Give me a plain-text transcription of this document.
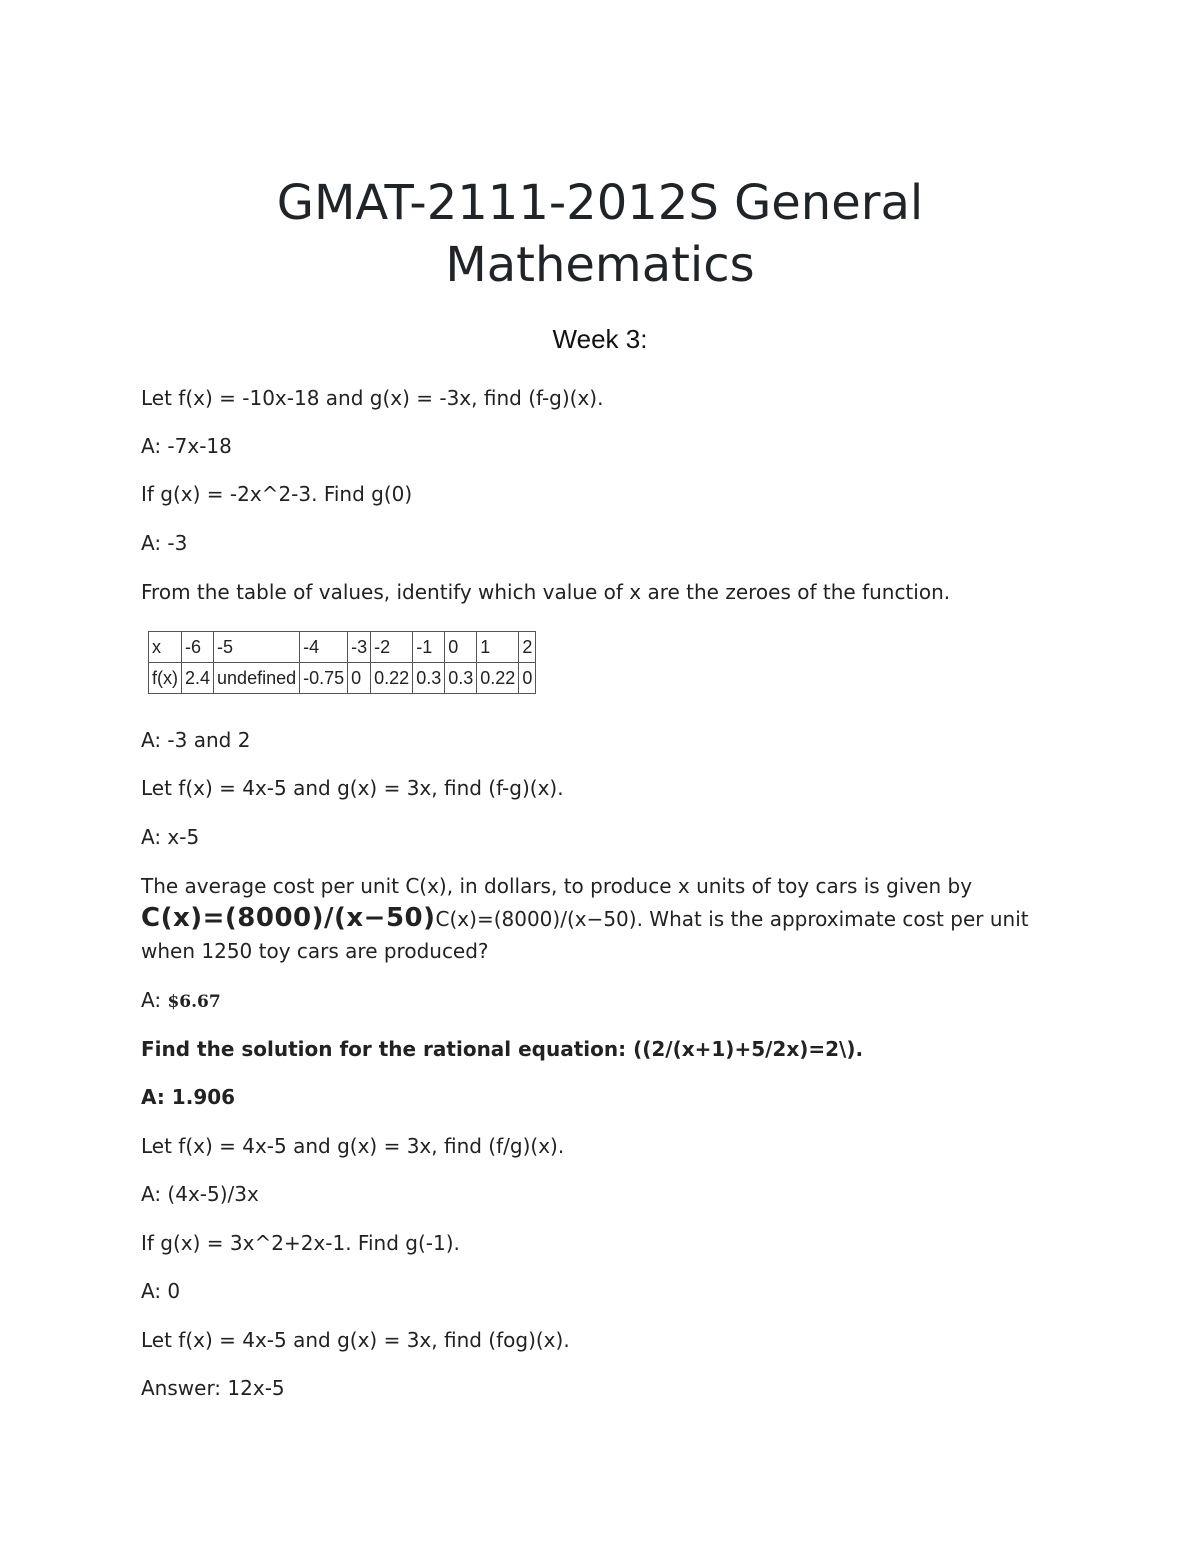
GMAT-2111-2012S General
Mathematics
Week 3:
Let f(x) = -10x-18 and g(x) = -3x, find (f-g)(x).
A: -7x-18
If g(x) = -2x^2-3. Find g(0)
A: -3
From the table of values, identify which value of x are the zeroes of the function.
x	-6	-5	-4	-3	-2	-1	0	1	2
f(x)	2.4	undefined	-0.75	0	0.22	0.3	0.3	0.22	0
A: -3 and 2
Let f(x) = 4x-5 and g(x) = 3x, find (f-g)(x).
A: x-5
The average cost per unit C(x), in dollars, to produce x units of toy cars is given by C(x)=(8000)/(x−50)C(x)=(8000)/(x−50). What is the approximate cost per unit when 1250 toy cars are produced?
A: $6.67
Find the solution for the rational equation: ((2/(x+1)+5/2x)=2\).
A: 1.906
Let f(x) = 4x-5 and g(x) = 3x, find (f/g)(x).
A: (4x-5)/3x
If g(x) = 3x^2+2x-1. Find g(-1).
A: 0
Let f(x) = 4x-5 and g(x) = 3x, find (fog)(x).
Answer: 12x-5
